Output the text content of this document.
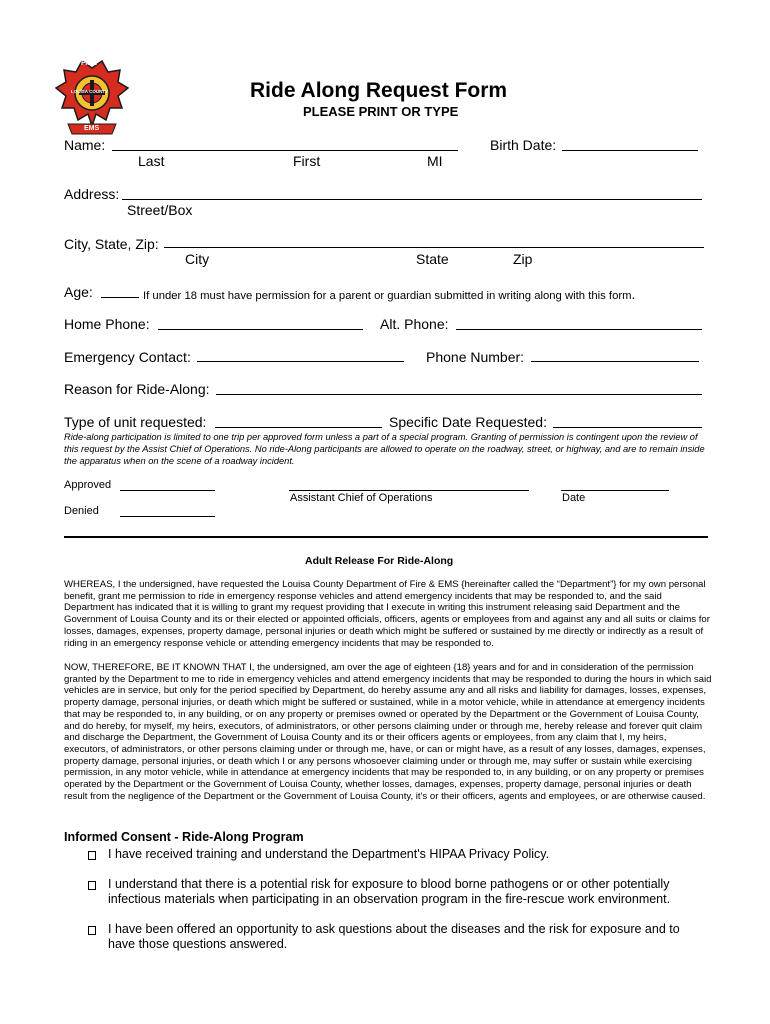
FIRE
LOUISA COUNTY
EMS
Ride Along Request Form
PLEASE PRINT OR TYPE
Name:	Birth Date:
Last	First	MI
Address:
Street/Box
City, State, Zip:
City	State	Zip
Age:	If under 18 must have permission for a parent or guardian submitted in writing along with this form.
Home Phone:	Alt. Phone:
Emergency Contact:	Phone Number:
Reason for Ride-Along:
Type of unit requested:	Specific Date Requested:
Ride-along participation is limited to one trip per approved form unless a part of a special program. Granting of permission is contingent upon the review of this request by the Assist Chief of Operations. No ride-Along participants are allowed to operate on the roadway, street, or highway, and are to remain inside the apparatus when on the scene of a roadway incident.
Approved
Assistant Chief of Operations	Date
Denied
Adult Release For Ride-Along
WHEREAS, I the undersigned, have requested the Louisa County Department of Fire & EMS {hereinafter called the “Department”} for my own personal benefit, grant me permission to ride in emergency response vehicles and attend emergency incidents that may be responded to, and the said Department has indicated that it is willing to grant my request providing that I execute in writing this instrument releasing said Department and the Government of Louisa County and its or their elected or appointed officials, officers, agents or employees from and against any and all suits or claims for losses, damages, expenses, property damage, personal injuries or death which might be suffered or sustained by me directly or indirectly as a result of riding in an emergency response vehicle or attending emergency incidents that may be responded to.
NOW, THEREFORE, BE IT KNOWN THAT I, the undersigned, am over the age of eighteen {18} years and for and in consideration of the permission granted by the Department to me to ride in emergency vehicles and attend emergency incidents that may be responded to during the hours in which said vehicles are in service, but only for the period specified by Department, do hereby assume any and all risks and liability for damages, losses, expenses, property damage, personal injuries, or death which might be suffered or sustained, while in a motor vehicle, while in attendance at emergency incidents that may be responded to, in any building, or on any property or premises owned or operated by the Department or the Government of Louisa County, and do hereby, for myself, my heirs, executors, of administrators, or other persons claiming under or through me, hereby release and forever quit claim and discharge the Department, the Government of Louisa County and its or their officers agents or employees, from any claim that I, my heirs, executors, of administrators, or other persons claiming under or through me, have, or can or might have, as a result of any losses, damages, expenses, property damage, personal injuries, or death which I or any persons whosoever claiming under or through me, may suffer or sustain while exercising permission, in any motor vehicle, while in attendance at emergency incidents that may be responded to, in any building, or on any property or premises operated by the Department or the Government of Louisa County, whether losses, damages, expenses, property damage, personal injuries or death result from the negligence of the Department or the Government of Louisa County, it's or their officers, agents and employees, or are otherwise caused.
Informed Consent - Ride-Along Program
I have received training and understand the Department's HIPAA Privacy Policy.
I understand that there is a potential risk for exposure to blood borne pathogens or or other potentially infectious materials when participating in an observation program in the fire-rescue work environment.
I have been offered an opportunity to ask questions about the diseases and the risk for exposure and to have those questions answered.
